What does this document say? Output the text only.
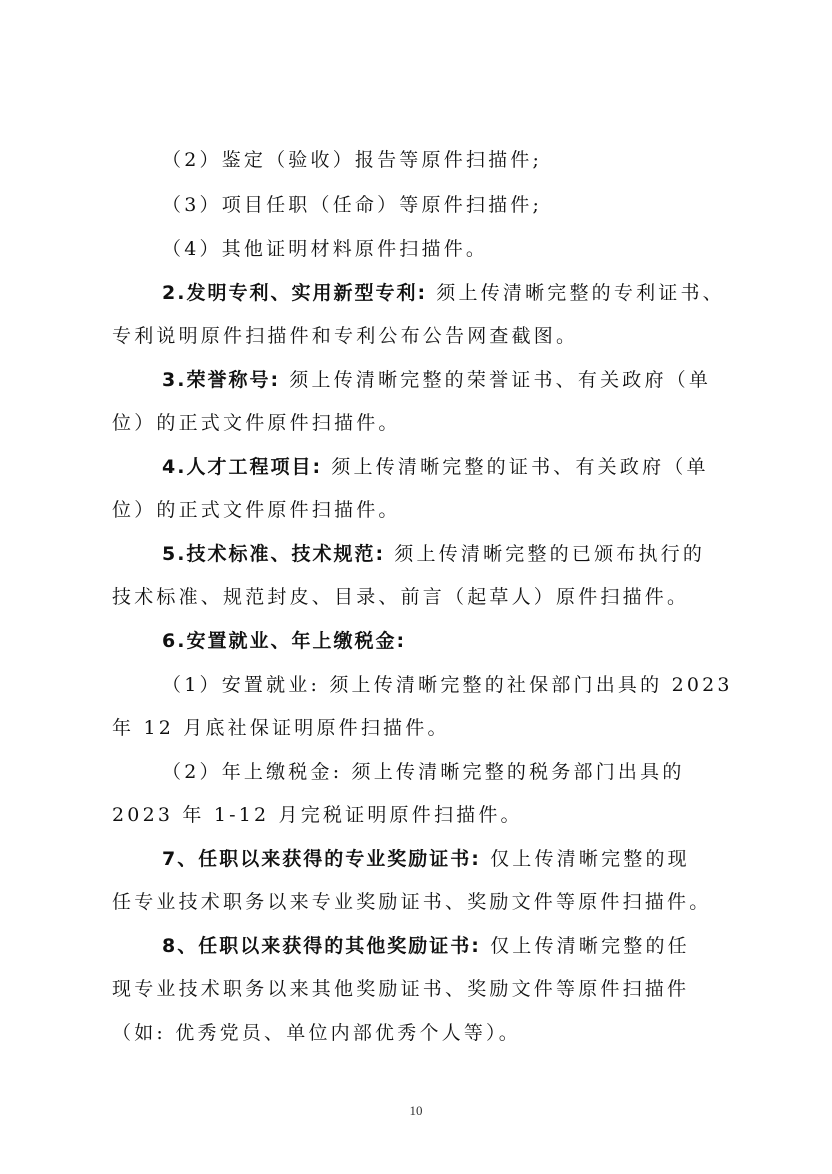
（2）鉴定（验收）报告等原件扫描件;
（3）项目任职（任命）等原件扫描件;
（4）其他证明材料原件扫描件。
2.发明专利、实用新型专利: 须上传清晰完整的专利证书、
专利说明原件扫描件和专利公布公告网查截图。
3.荣誉称号: 须上传清晰完整的荣誉证书、有关政府（单
位）的正式文件原件扫描件。
4.人才工程项目: 须上传清晰完整的证书、有关政府（单
位）的正式文件原件扫描件。
5.技术标准、技术规范: 须上传清晰完整的已颁布执行的
技术标准、规范封皮、目录、前言（起草人）原件扫描件。
6.安置就业、年上缴税金:
（1）安置就业: 须上传清晰完整的社保部门出具的 2023
年 12 月底社保证明原件扫描件。
（2）年上缴税金: 须上传清晰完整的税务部门出具的
2023 年 1-12 月完税证明原件扫描件。
7、任职以来获得的专业奖励证书: 仅上传清晰完整的现
任专业技术职务以来专业奖励证书、奖励文件等原件扫描件。
8、任职以来获得的其他奖励证书: 仅上传清晰完整的任
现专业技术职务以来其他奖励证书、奖励文件等原件扫描件
（如: 优秀党员、单位内部优秀个人等）。
10
